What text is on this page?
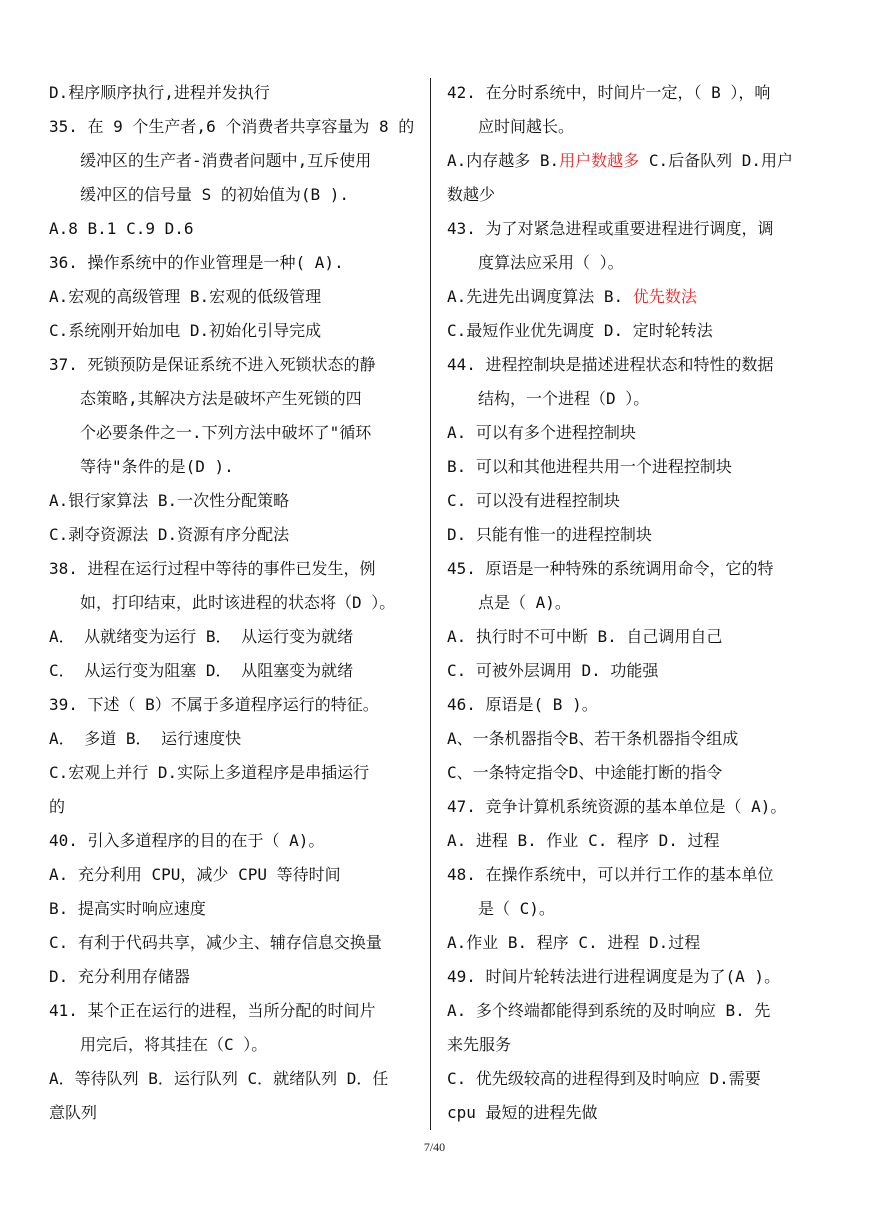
D.程序顺序执行,进程并发执行
35. 在 9 个生产者,6 个消费者共享容量为 8 的
缓冲区的生产者-消费者问题中,互斥使用
缓冲区的信号量 S 的初始值为(B ).
A.8 B.1 C.9 D.6
36. 操作系统中的作业管理是一种( A).
A.宏观的高级管理 B.宏观的低级管理
C.系统刚开始加电 D.初始化引导完成
37. 死锁预防是保证系统不进入死锁状态的静
态策略,其解决方法是破坏产生死锁的四
个必要条件之一.下列方法中破坏了"循环
等待"条件的是(D ).
A.银行家算法 B.一次性分配策略
C.剥夺资源法 D.资源有序分配法
38. 进程在运行过程中等待的事件已发生，例
如，打印结束，此时该进程的状态将（D ）。
A． 从就绪变为运行 B． 从运行变为就绪
C． 从运行变为阻塞 D． 从阻塞变为就绪
39. 下述（ B）不属于多道程序运行的特征。
A． 多道 B． 运行速度快
C.宏观上并行 D.实际上多道程序是串插运行
的
40. 引入多道程序的目的在于（ A)。
A. 充分利用 CPU，减少 CPU 等待时间
B. 提高实时响应速度
C. 有利于代码共享，减少主、辅存信息交换量
D. 充分利用存储器
41. 某个正在运行的进程，当所分配的时间片
用完后，将其挂在（C ）。
A．等待队列 B．运行队列 C．就绪队列 D．任
意队列
42. 在分时系统中，时间片一定，（ B ），响
应时间越长。
A.内存越多 B.用户数越多 C.后备队列 D.用户
数越少
43. 为了对紧急进程或重要进程进行调度，调
度算法应采用（ ）。
A.先进先出调度算法 B. 优先数法
C.最短作业优先调度 D. 定时轮转法
44. 进程控制块是描述进程状态和特性的数据
结构，一个进程（D ）。
A. 可以有多个进程控制块
B. 可以和其他进程共用一个进程控制块
C. 可以没有进程控制块
D. 只能有惟一的进程控制块
45. 原语是一种特殊的系统调用命令，它的特
点是（ A)。
A. 执行时不可中断 B. 自己调用自己
C. 可被外层调用 D. 功能强
46. 原语是( B )。
A、一条机器指令B、若干条机器指令组成
C、一条特定指令D、中途能打断的指令
47. 竞争计算机系统资源的基本单位是（ A)。
A. 进程 B. 作业 C. 程序 D. 过程
48. 在操作系统中，可以并行工作的基本单位
是（ C)。
A.作业 B. 程序 C. 进程 D.过程
49. 时间片轮转法进行进程调度是为了(A )。
A. 多个终端都能得到系统的及时响应 B. 先
来先服务
C. 优先级较高的进程得到及时响应 D.需要
cpu 最短的进程先做
7/40
